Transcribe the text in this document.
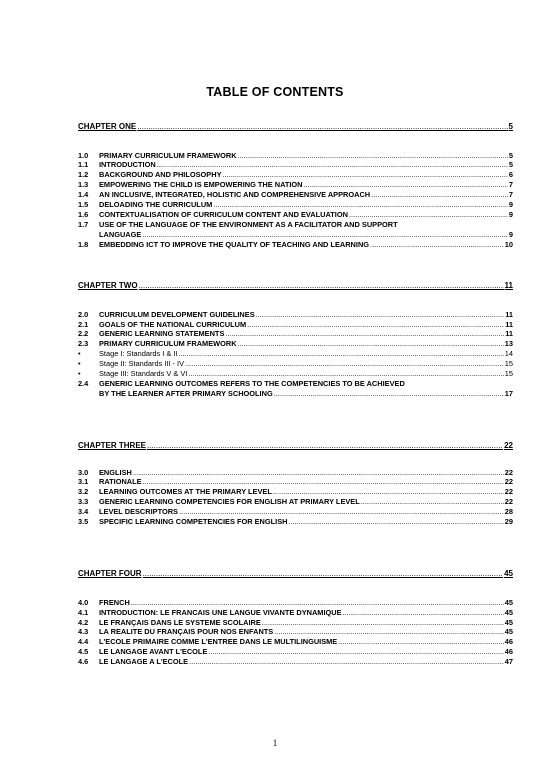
TABLE OF CONTENTS
CHAPTER ONE .....	5
1.0	PRIMARY CURRICULUM FRAMEWORK .....	5
1.1	INTRODUCTION .....	5
1.2	BACKGROUND AND PHILOSOPHY .....	6
1.3	EMPOWERING THE CHILD IS EMPOWERING THE NATION .....	7
1.4	AN INCLUSIVE, INTEGRATED, HOLISTIC AND COMPREHENSIVE APPROACH .....	7
1.5	DELOADING THE CURRICULUM .....	9
1.6	CONTEXTUALISATION OF CURRICULUM CONTENT AND EVALUATION .....	9
1.7	USE OF THE LANGUAGE OF THE ENVIRONMENT AS A FACILITATOR AND SUPPORT
LANGUAGE .....	9
1.8	EMBEDDING ICT TO IMPROVE THE QUALITY OF TEACHING AND LEARNING .....	10
CHAPTER TWO .....	11
2.0	CURRICULUM DEVELOPMENT GUIDELINES .....	11
2.1	GOALS OF THE NATIONAL CURRICULUM .....	11
2.2	GENERIC LEARNING STATEMENTS .....	11
2.3	PRIMARY CURRICULUM FRAMEWORK .....	13
•	Stage I: Standards I & II .....	14
•	Stage II: Standards III - IV .....	15
•	Stage III: Standards V & VI .....	15
2.4	GENERIC LEARNING OUTCOMES REFERS TO THE COMPETENCIES TO BE ACHIEVED
BY THE LEARNER AFTER PRIMARY SCHOOLING .....	17
CHAPTER THREE .....	22
3.0	ENGLISH .....	22
3.1	RATIONALE .....	22
3.2	LEARNING OUTCOMES AT THE PRIMARY LEVEL .....	22
3.3	GENERIC LEARNING COMPETENCIES FOR ENGLISH AT PRIMARY LEVEL .....	22
3.4	LEVEL DESCRIPTORS .....	28
3.5	SPECIFIC LEARNING COMPETENCIES FOR ENGLISH .....	29
CHAPTER FOUR .....	45
4.0	FRENCH .....	45
4.1	INTRODUCTION: LE FRANCAIS UNE LANGUE VIVANTE DYNAMIQUE .....	45
4.2	LE FRANÇAIS DANS LE SYSTEME SCOLAIRE .....	45
4.3	LA REALITE DU FRANÇAIS POUR NOS ENFANTS .....	45
4.4	L'ECOLE PRIMAIRE COMME L'ENTREE DANS LE MULTILINGUISME .....	46
4.5	LE LANGAGE AVANT L'ECOLE .....	46
4.6	LE LANGAGE A L'ECOLE .....	47
1
